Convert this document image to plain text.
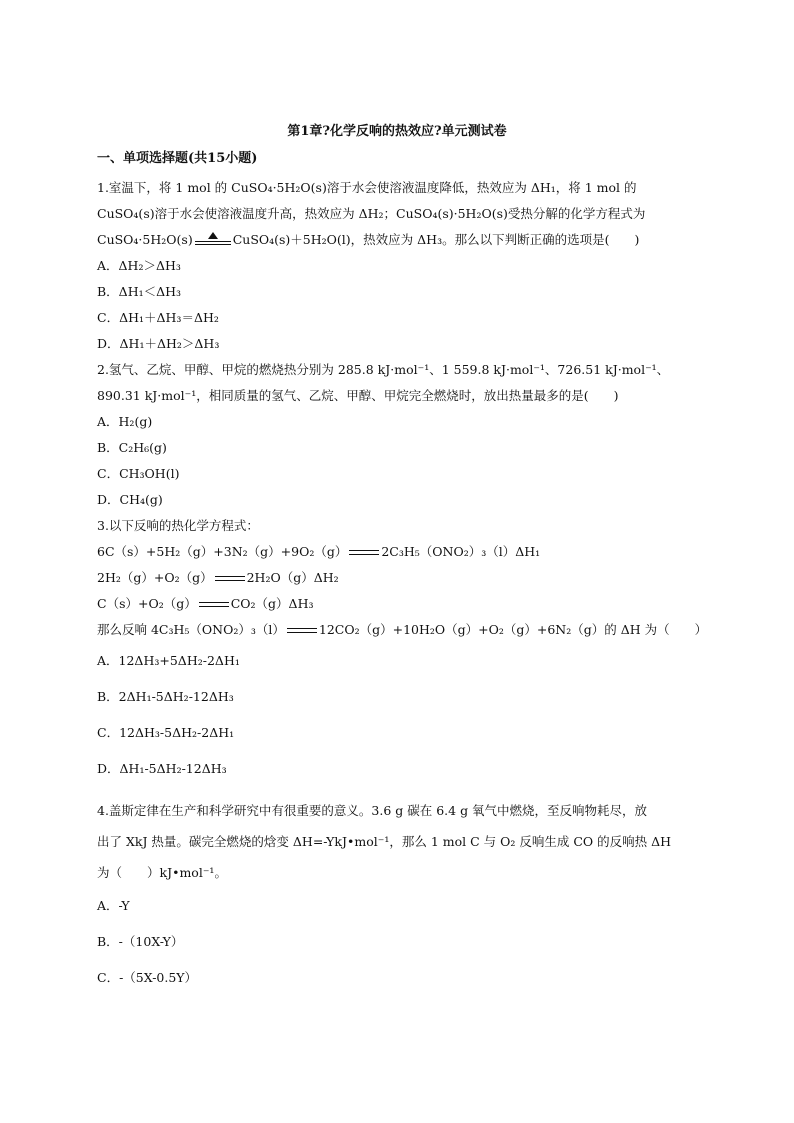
第1章?化学反响的热效应?单元测试卷
一、单项选择题(共15小题)
1.室温下，将 1 mol 的 CuSO₄·5H₂O(s)溶于水会使溶液温度降低，热效应为 ΔH₁，将 1 mol 的
CuSO₄(s)溶于水会使溶液温度升高，热效应为 ΔH₂；CuSO₄(s)·5H₂O(s)受热分解的化学方程式为
CuSO₄·5H₂O(s)	CuSO₄(s)＋5H₂O(l)，热效应为 ΔH₃。那么以下判断正确的选项是(　　)
A．ΔH₂＞ΔH₃
B．ΔH₁＜ΔH₃
C．ΔH₁＋ΔH₃＝ΔH₂
D．ΔH₁＋ΔH₂＞ΔH₃
2.氢气、乙烷、甲醇、甲烷的燃烧热分别为 285.8 kJ·mol⁻¹、1 559.8 kJ·mol⁻¹、726.51 kJ·mol⁻¹、
890.31 kJ·mol⁻¹，相同质量的氢气、乙烷、甲醇、甲烷完全燃烧时，放出热量最多的是(　　)
A．H₂(g)
B．C₂H₆(g)
C．CH₃OH(l)
D．CH₄(g)
3.以下反响的热化学方程式：
6C（s）+5H₂（g）+3N₂（g）+9O₂（g）	2C₃H₅（ONO₂）₃（l）ΔH₁
2H₂（g）+O₂（g）	2H₂O（g）ΔH₂
C（s）+O₂（g）	CO₂（g）ΔH₃
那么反响 4C₃H₅（ONO₂）₃（l）	12CO₂（g）+10H₂O（g）+O₂（g）+6N₂（g）的 ΔH 为（　　）
A．12ΔH₃+5ΔH₂-2ΔH₁
B．2ΔH₁-5ΔH₂-12ΔH₃
C．12ΔH₃-5ΔH₂-2ΔH₁
D．ΔH₁-5ΔH₂-12ΔH₃
4.盖斯定律在生产和科学研究中有很重要的意义。3.6 g 碳在 6.4 g 氧气中燃烧，至反响物耗尽，放
出了 XkJ 热量。碳完全燃烧的焓变 ΔH=-YkJ•mol⁻¹，那么 1 mol C 与 O₂ 反响生成 CO 的反响热 ΔH
为（　　）kJ•mol⁻¹。
A．-Y
B．-（10X-Y）
C．-（5X-0.5Y）
